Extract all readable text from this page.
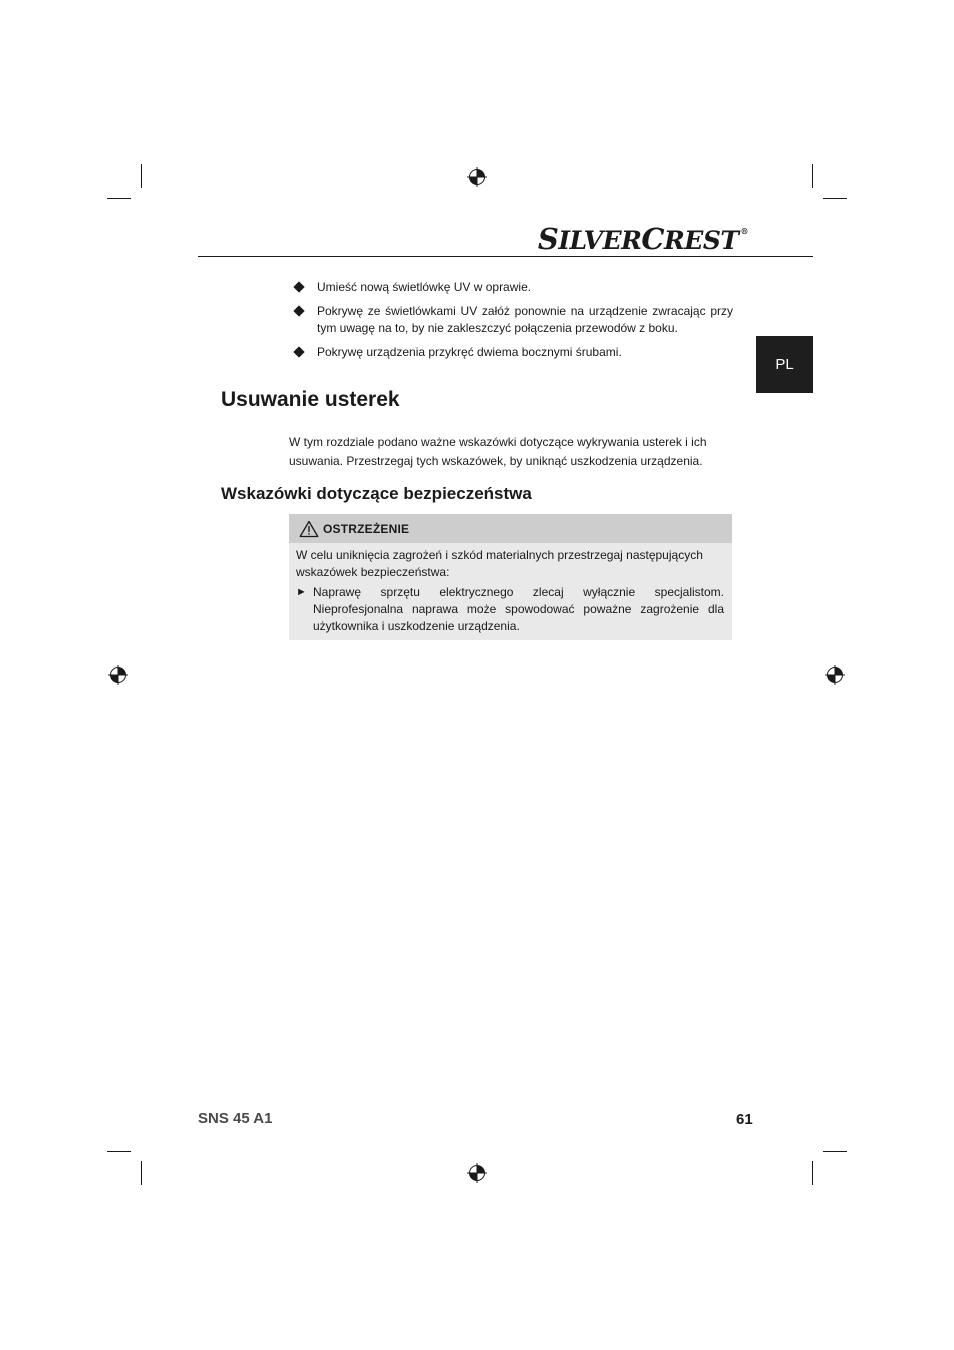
SILVERCREST ®
PL
Umieść nową świetlówkę UV w oprawie.
Pokrywę ze świetlówkami UV załóż ponownie na urządzenie zwracając przy tym uwagę na to, by nie zakleszczyć połączenia przewodów z boku.
Pokrywę urządzenia przykręć dwiema bocznymi śrubami.
Usuwanie usterek
W tym rozdziale podano ważne wskazówki dotyczące wykrywania usterek i ich usuwania. Przestrzegaj tych wskazówek, by uniknąć uszkodzenia urządzenia.
Wskazówki dotyczące bezpieczeństwa
OSTRZEŻENIE
W celu uniknięcia zagrożeń i szkód materialnych przestrzegaj następujących wskazówek bezpieczeństwa:
► Naprawę sprzętu elektrycznego zlecaj wyłącznie specjalistom. Nieprofesjonalna naprawa może spowodować poważne zagrożenie dla użytkownika i uszkodzenie urządzenia.
SNS 45 A1	61
